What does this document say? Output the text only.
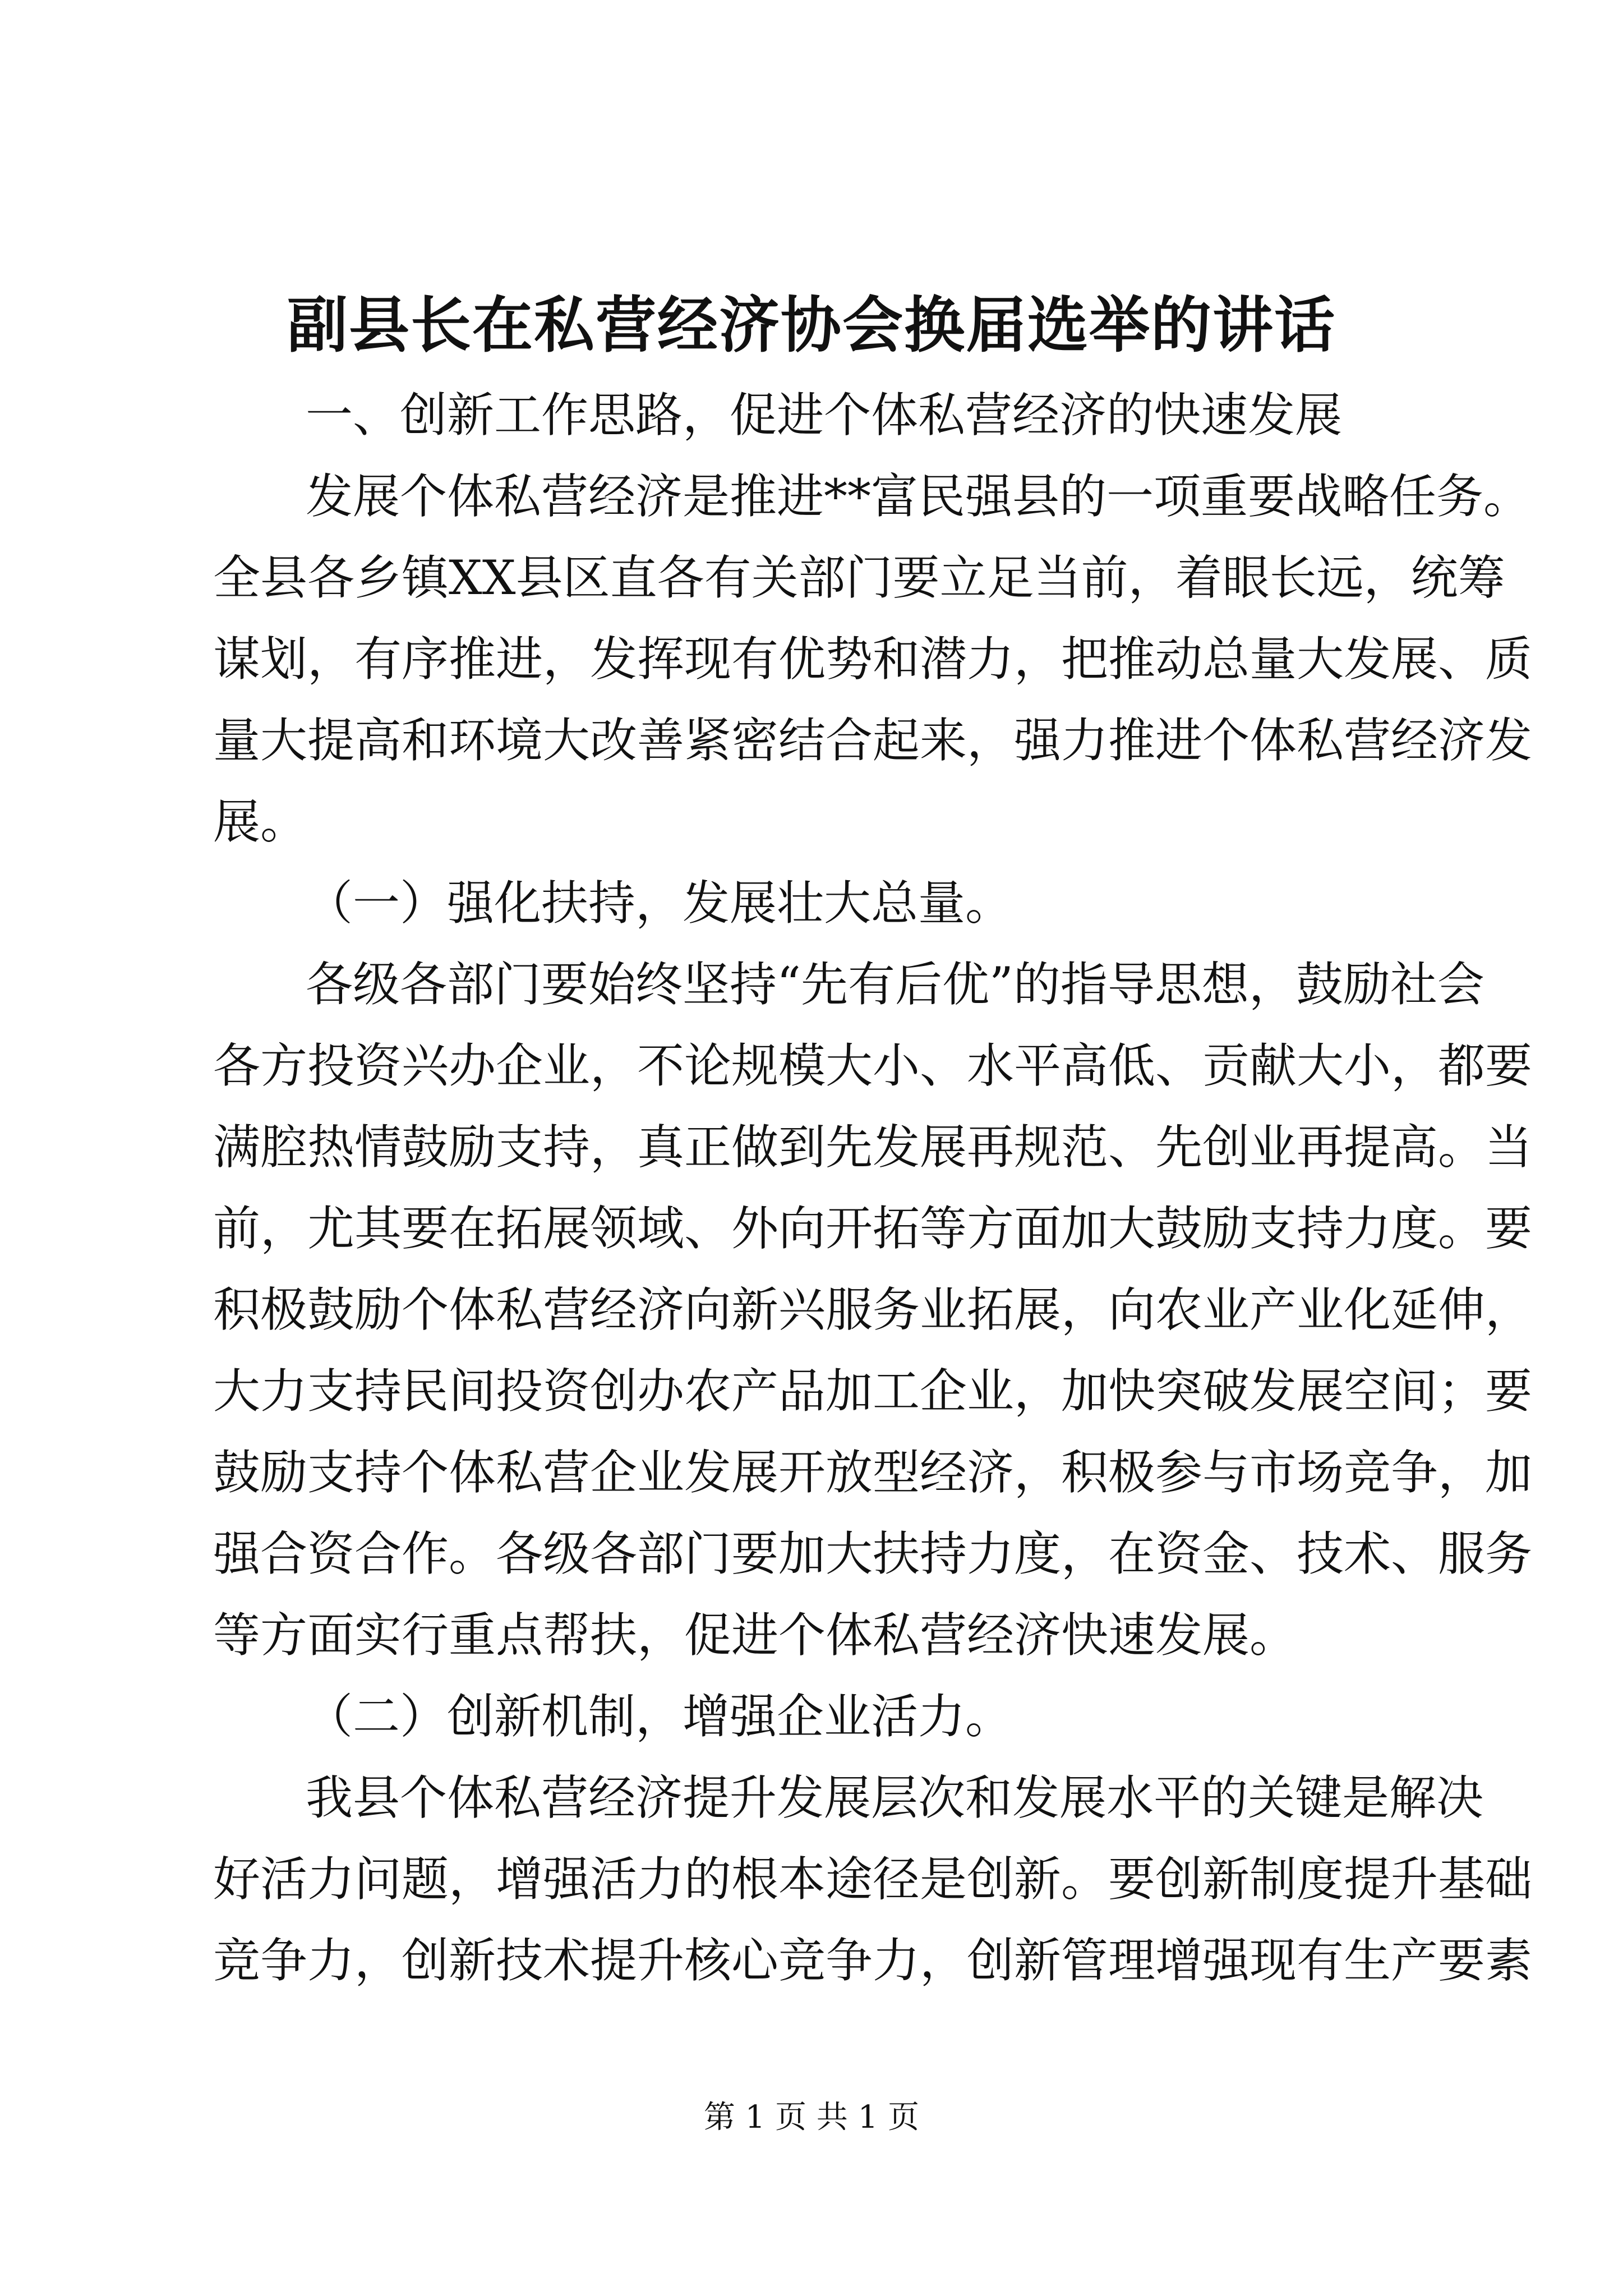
副县长在私营经济协会换届选举的讲话
一、创新工作思路，促进个体私营经济的快速发展
发展个体私营经济是推进**富民强县的一项重要战略任务。
全县各乡镇XX县区直各有关部门要立足当前，着眼长远，统筹
谋划，有序推进，发挥现有优势和潜力，把推动总量大发展、质
量大提高和环境大改善紧密结合起来，强力推进个体私营经济发
展。
（一）强化扶持，发展壮大总量。
各级各部门要始终坚持“先有后优”的指导思想，鼓励社会
各方投资兴办企业，不论规模大小、水平高低、贡献大小，都要
满腔热情鼓励支持，真正做到先发展再规范、先创业再提高。当
前，尤其要在拓展领域、外向开拓等方面加大鼓励支持力度。要
积极鼓励个体私营经济向新兴服务业拓展，向农业产业化延伸，
大力支持民间投资创办农产品加工企业，加快突破发展空间；要
鼓励支持个体私营企业发展开放型经济，积极参与市场竞争，加
强合资合作。各级各部门要加大扶持力度，在资金、技术、服务
等方面实行重点帮扶，促进个体私营经济快速发展。
（二）创新机制，增强企业活力。
我县个体私营经济提升发展层次和发展水平的关键是解决
好活力问题，增强活力的根本途径是创新。要创新制度提升基础
竞争力，创新技术提升核心竞争力，创新管理增强现有生产要素
第 1 页 共 1 页
